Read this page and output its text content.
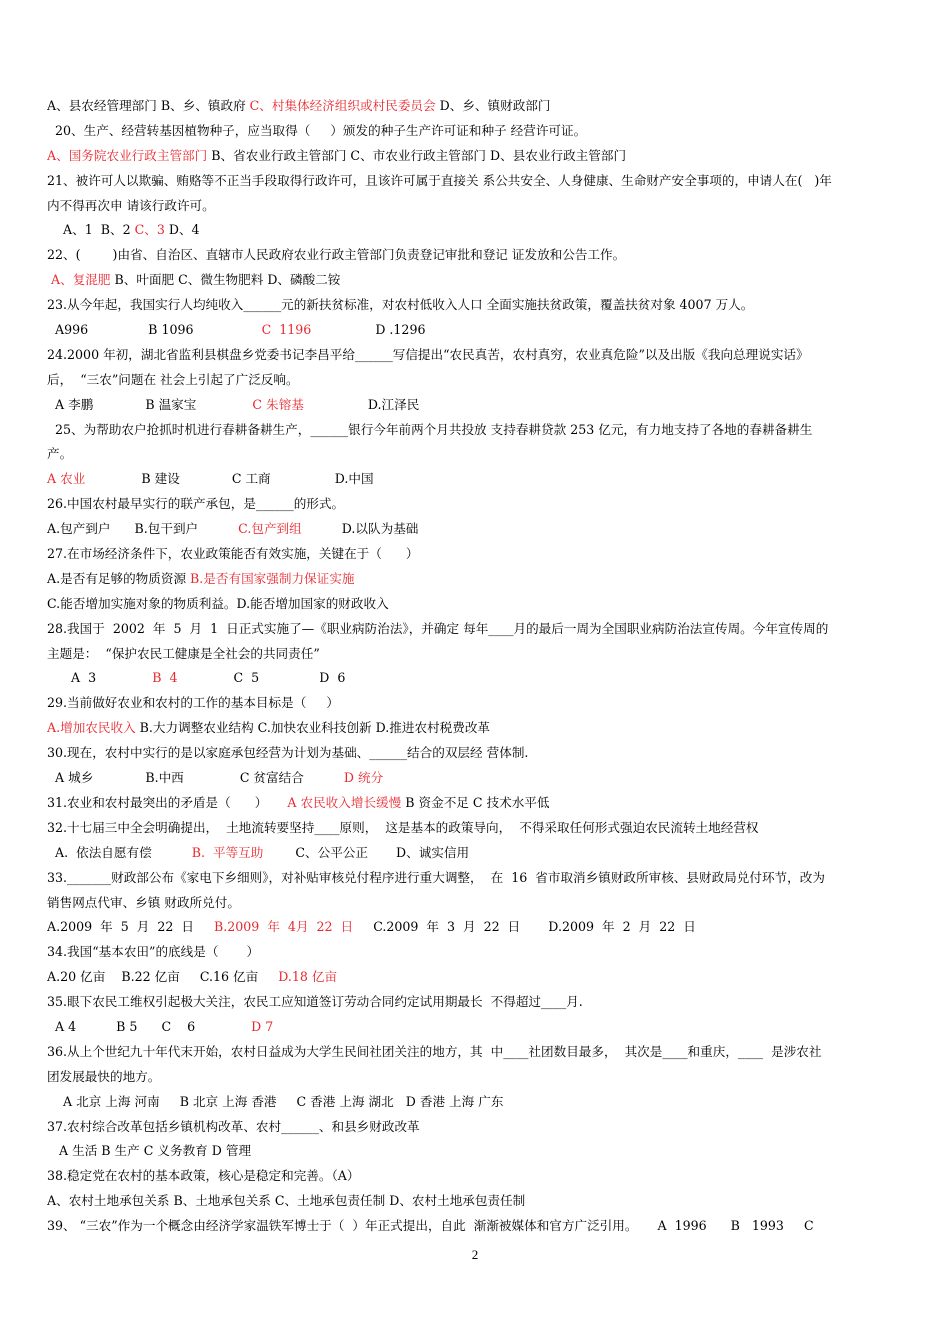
A、县农经管理部门 B、乡、镇政府 C、村集体经济组织或村民委员会 D、乡、镇财政部门
20、生产、经营转基因植物种子，应当取得（     ）颁发的种子生产许可证和种子 经营许可证。
A、国务院农业行政主管部门 B、省农业行政主管部门 C、市农业行政主管部门 D、县农业行政主管部门
21、被许可人以欺骗、贿赂等不正当手段取得行政许可，且该许可属于直接关 系公共安全、人身健康、生命财产安全事项的，申请人在(   )年
内不得再次申 请该行政许可。
A、1  B、2 C、3 D、4
22、(        )由省、自治区、直辖市人民政府农业行政主管部门负责登记审批和登记 证发放和公告工作。
A、复混肥 B、叶面肥 C、微生物肥料 D、磷酸二铵
23.从今年起，我国实行人均纯收入______元的新扶贫标准，对农村低收入人口 全面实施扶贫政策，覆盖扶贫对象 4007 万人。
A996               B 1096                 C  1196                D .1296
24.2000 年初，湖北省监利县棋盘乡党委书记李昌平给______写信提出“农民真苦，农村真穷，农业真危险”以及出版《我向总理说实话》
后，  “三农”问题在 社会上引起了广泛反响。
A 李鹏             B 温家宝              C 朱镕基                D.江泽民
25、为帮助农户抢抓时机进行春耕备耕生产，______银行今年前两个月共投放 支持春耕贷款 253 亿元，有力地支持了各地的春耕备耕生
产。
A 农业              B 建设             C 工商                D.中国
26.中国农村最早实行的联产承包，是______的形式。
A.包产到户      B.包干到户          C.包产到组          D.以队为基础
27.在市场经济条件下，农业政策能否有效实施，关键在于（      ）
A.是否有足够的物质资源 B.是否有国家强制力保证实施
C.能否增加实施对象的物质利益。D.能否增加国家的财政收入
28.我国于  2002  年  5  月  1  日正式实施了—《职业病防治法》，并确定 每年____月的最后一周为全国职业病防治法宣传周。今年宣传周的
主题是：  “保护农民工健康是全社会的共同责任”
A  3              B  4              C  5               D  6
29.当前做好农业和农村的工作的基本目标是（     ）
A.增加农民收入 B.大力调整农业结构 C.加快农业科技创新 D.推进农村税费改革
30.现在，农村中实行的是以家庭承包经营为计划为基础、______结合的双层经 营体制.
A 城乡             B.中西              C 贫富结合          D 统分
31.农业和农村最突出的矛盾是（      ）     A 农民收入增长缓慢 B 资金不足 C 技术水平低
32.十七届三中全会明确提出，  土地流转要坚持____原则，  这是基本的政策导向，  不得采取任何形式强迫农民流转土地经营权
A.  依法自愿有偿          B.  平等互助        C、公平公正       D、诚实信用
33._______财政部公布《家电下乡细则》，对补贴审核兑付程序进行重大调整，  在  16  省市取消乡镇财政所审核、县财政局兑付环节，改为
销售网点代审、乡镇 财政所兑付。
A.2009  年  5  月  22  日     B.2009  年  4月  22  日     C.2009  年  3  月  22  日       D.2009  年  2  月  22  日
34.我国“基本农田”的底线是（       ）
A.20 亿亩    B.22 亿亩     C.16 亿亩     D.18 亿亩
35.眼下农民工维权引起极大关注，农民工应知道签订劳动合同约定试用期最长  不得超过____月.
A 4          B 5      C    6              D 7
36.从上个世纪九十年代末开始，农村日益成为大学生民间社团关注的地方，其  中____社团数目最多，  其次是____和重庆，____  是涉农社
团发展最快的地方。
A 北京 上海 河南     B 北京 上海 香港     C 香港 上海 湖北   D 香港 上海 广东
37.农村综合改革包括乡镇机构改革、农村______、和县乡财政改革
A 生活 B 生产 C 义务教育 D 管理
38.稳定党在农村的基本政策，核心是稳定和完善。（A）
A、农村土地承包关系 B、土地承包关系 C、土地承包责任制 D、农村土地承包责任制
39、 “三农”作为一个概念由经济学家温铁军博士于（  ）年正式提出，自此  渐渐被媒体和官方广泛引用。     A  1996      B   1993     C
2
